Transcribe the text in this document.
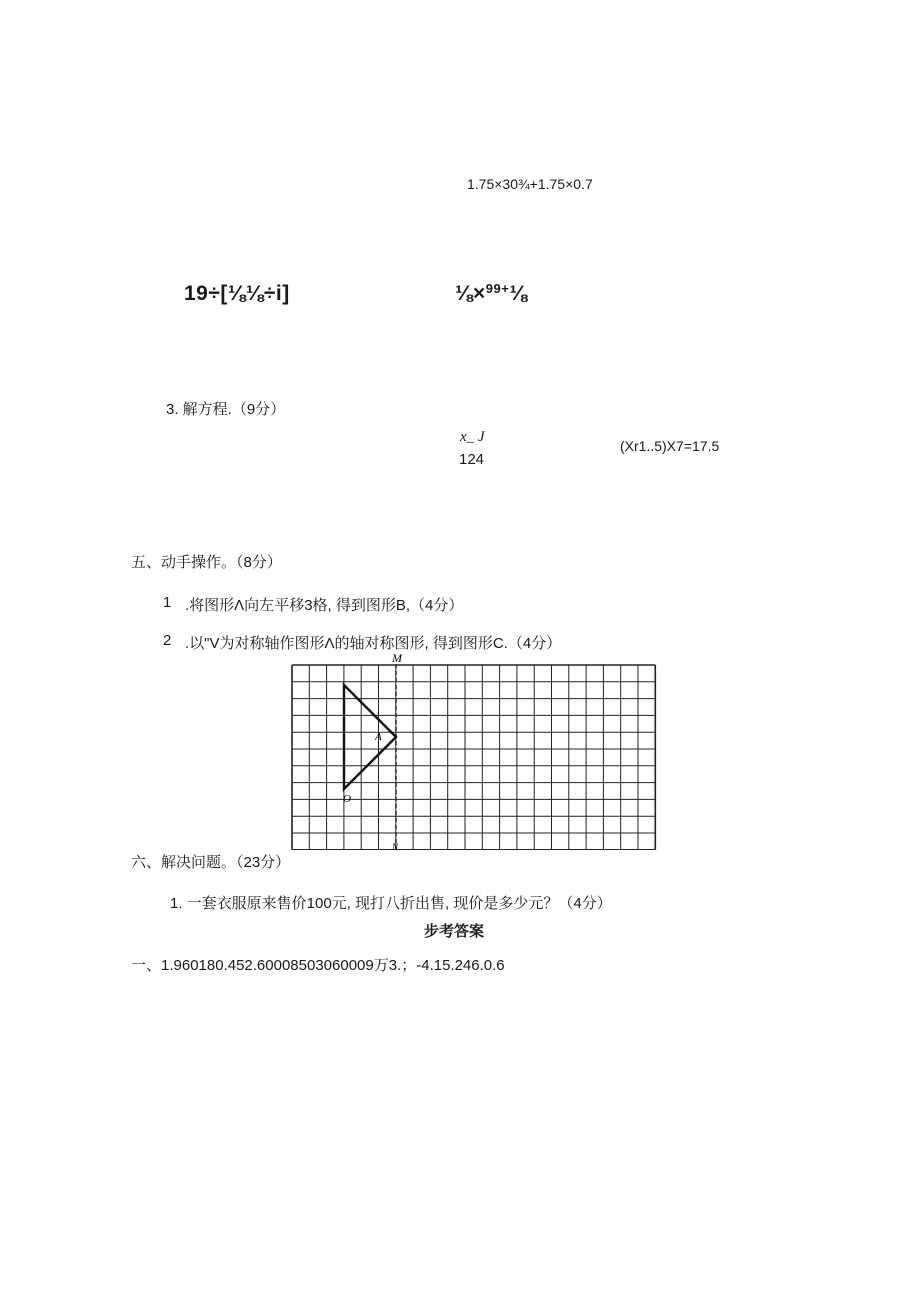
1.75×30¾+1.75×0.7
19÷[⅛⅛÷i]	⅛×$^{99+}$⅛
3. 解方程.（9分）
x_ J
124
(Xr1..5)X7=17.5
五、动手操作。（8分）
1 .将图形Λ向左平移3格, 得到图形B,（4分）
2 .以"V为对称轴作图形Λ的轴对称图形, 得到图形C.（4分）
M
A
O
N
六、解决问题。（23分）
1. 一套衣服原来售价100元, 现打八折出售, 现价是多少元？（4分）
步考答案
一、1.960180.452.60008503060009万3.；-4.15.246.0.6
